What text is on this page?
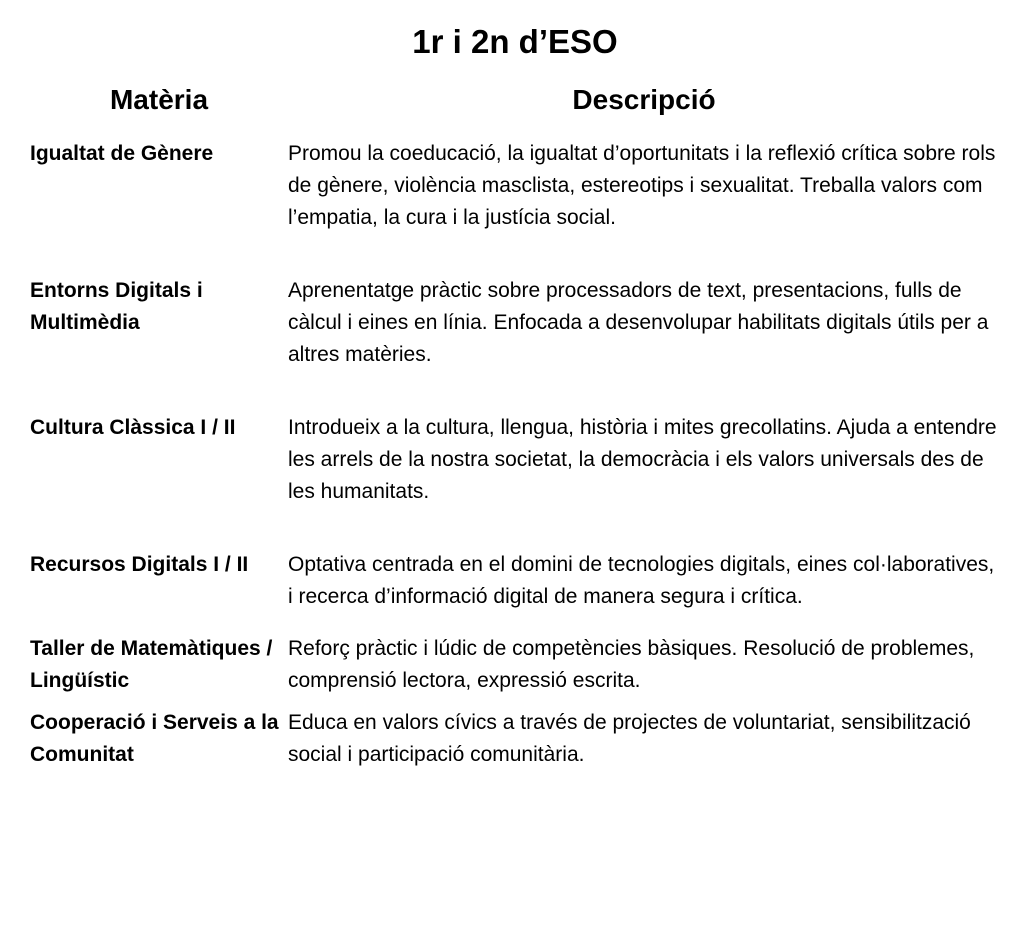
1r i 2n d’ESO
Matèria	Descripció
Igualtat de Gènere	Promou la coeducació, la igualtat d’oportunitats i la reflexió crítica sobre rols de gènere, violència masclista, estereotips i sexualitat. Treballa valors com l’empatia, la cura i la justícia social.
Entorns Digitals i Multimèdia	Aprenentatge pràctic sobre processadors de text, presentacions, fulls de càlcul i eines en línia. Enfocada a desenvolupar habilitats digitals útils per a altres matèries.
Cultura Clàssica I / II	Introdueix a la cultura, llengua, història i mites grecollatins. Ajuda a entendre les arrels de la nostra societat, la democràcia i els valors universals des de les humanitats.
Recursos Digitals I / II	Optativa centrada en el domini de tecnologies digitals, eines col·laboratives, i recerca d’informació digital de manera segura i crítica.
Taller de Matemàtiques / Lingüístic	Reforç pràctic i lúdic de competències bàsiques. Resolució de problemes, comprensió lectora, expressió escrita.
Cooperació i Serveis a la Comunitat	Educa en valors cívics a través de projectes de voluntariat, sensibilització social i participació comunitària.
